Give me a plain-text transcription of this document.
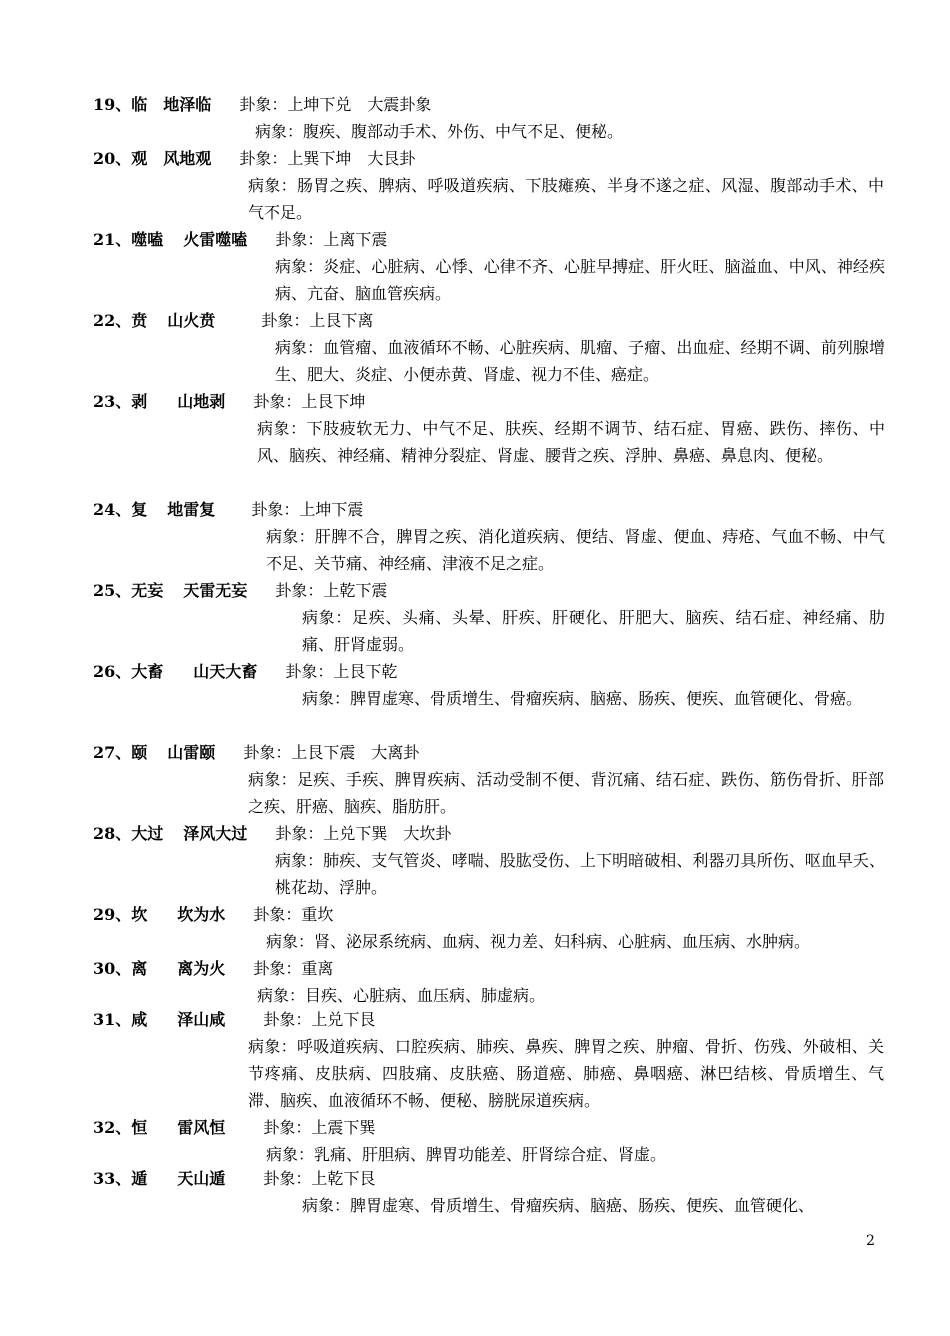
19、临 地泽临 卦象：上坤下兑　大震卦象
病象：腹疾、腹部动手术、外伤、中气不足、便秘。
20、观 风地观 卦象：上巽下坤　大艮卦
病象：肠胃之疾、脾病、呼吸道疾病、下肢瘫痪、半身不遂之症、风湿、腹部动手术、中气不足。
21、噬嗑 火雷噬嗑 卦象：上离下震
病象：炎症、心脏病、心悸、心律不齐、心脏早搏症、肝火旺、脑溢血、中风、神经疾病、亢奋、脑血管疾病。
22、贲 山火贲	卦象：上艮下离
病象：血管瘤、血液循环不畅、心脏疾病、肌瘤、子瘤、出血症、经期不调、前列腺增生、肥大、炎症、小便赤黄、肾虚、视力不佳、癌症。
23、剥 山地剥 卦象：上艮下坤
病象：下肢疲软无力、中气不足、肤疾、经期不调节、结石症、胃癌、跌伤、摔伤、中风、脑疾、神经痛、精神分裂症、肾虚、腰背之疾、浮肿、鼻癌、鼻息肉、便秘。
24、复 地雷复 卦象：上坤下震
病象：肝脾不合，脾胃之疾、消化道疾病、便结、肾虚、便血、痔疮、气血不畅、中气不足、关节痛、神经痛、津液不足之症。
25、无妄 天雷无妄 卦象：上乾下震
病象：足疾、头痛、头晕、肝疾、肝硬化、肝肥大、脑疾、结石症、神经痛、肋痛、肝肾虚弱。
26、大畜 山天大畜 卦象：上艮下乾
病象：脾胃虚寒、骨质增生、骨瘤疾病、脑癌、肠疾、便疾、血管硬化、骨癌。
27、颐 山雷颐 卦象：上艮下震　大离卦
病象：足疾、手疾、脾胃疾病、活动受制不便、背沉痛、结石症、跌伤、筋伤骨折、肝部之疾、肝癌、脑疾、脂肪肝。
28、大过 泽风大过 卦象：上兑下巽　大坎卦
病象：肺疾、支气管炎、哮喘、股肱受伤、上下明暗破相、利器刃具所伤、呕血早夭、桃花劫、浮肿。
29、坎 坎为水 卦象：重坎
病象：肾、泌尿系统病、血病、视力差、妇科病、心脏病、血压病、水肿病。
30、离 离为火 卦象：重离
病象：目疾、心脏病、血压病、肺虚病。
31、咸 泽山咸 卦象：上兑下艮
病象：呼吸道疾病、口腔疾病、肺疾、鼻疾、脾胃之疾、肿瘤、骨折、伤残、外破相、关节疼痛、皮肤病、四肢痛、皮肤癌、肠道癌、肺癌、鼻咽癌、淋巴结核、骨质增生、气滞、脑疾、血液循环不畅、便秘、膀胱尿道疾病。
32、恒 雷风恒 卦象：上震下巽
病象：乳痛、肝胆病、脾胃功能差、肝肾综合症、肾虚。
33、遁 天山遁 卦象：上乾下艮
病象：脾胃虚寒、骨质增生、骨瘤疾病、脑癌、肠疾、便疾、血管硬化、
2
